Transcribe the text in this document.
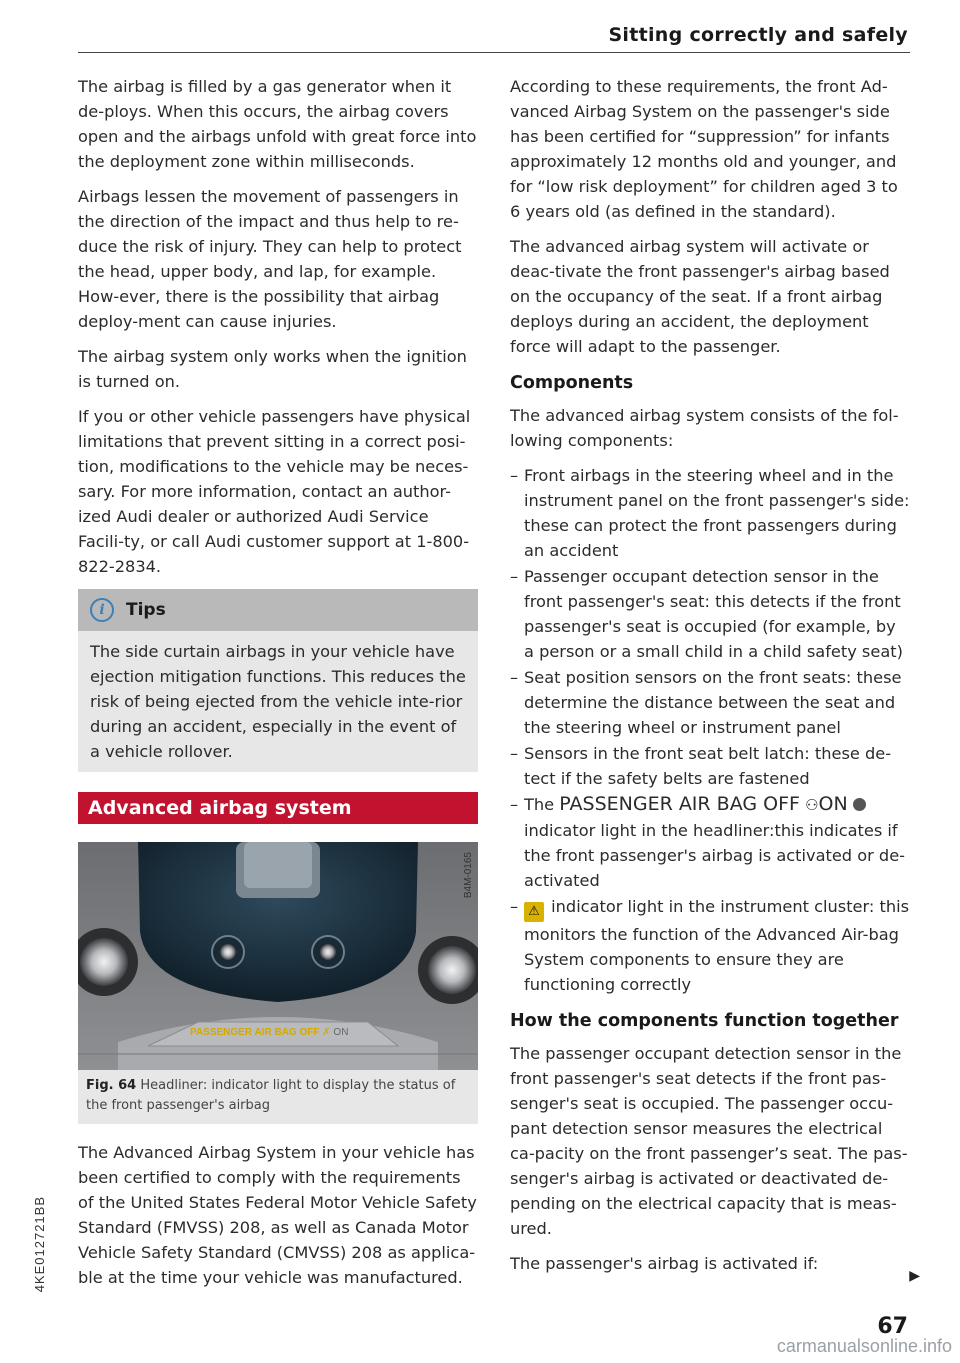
Sitting correctly and safely

The airbag is filled by a gas generator when it de-ploys. When this occurs, the airbag covers open and the airbags unfold with great force into the deployment zone within milliseconds.

Airbags lessen the movement of passengers in the direction of the impact and thus help to re-duce the risk of injury. They can help to protect the head, upper body, and lap, for example. How-ever, there is the possibility that airbag deploy-ment can cause injuries.

The airbag system only works when the ignition is turned on.

If you or other vehicle passengers have physical limitations that prevent sitting in a correct posi-tion, modifications to the vehicle may be neces-sary. For more information, contact an author-ized Audi dealer or authorized Audi Service Facili-ty, or call Audi customer support at 1-800-822-2834.

i	Tips

The side curtain airbags in your vehicle have ejection mitigation functions. This reduces the risk of being ejected from the vehicle inte-rior during an accident, especially in the event of a vehicle rollover.

Advanced airbag system
PASSENGER AIR BAG OFF ✗ ON
B4M-0165
Fig. 64 Headliner: indicator light to display the status of the front passenger's airbag

The Advanced Airbag System in your vehicle has been certified to comply with the requirements of the United States Federal Motor Vehicle Safety Standard (FMVSS) 208, as well as Canada Motor Vehicle Safety Standard (CMVSS) 208 as applica-ble at the time your vehicle was manufactured.

According to these requirements, the front Ad-vanced Airbag System on the passenger's side has been certified for “suppression” for infants approximately 12 months old and younger, and for “low risk deployment” for children aged 3 to 6 years old (as defined in the standard).

The advanced airbag system will activate or deac-tivate the front passenger's airbag based on the occupancy of the seat. If a front airbag deploys during an accident, the deployment force will adapt to the passenger.

Components

The advanced airbag system consists of the fol-lowing components:

– Front airbags in the steering wheel and in the instrument panel on the front passenger's side: these can protect the front passengers during an accident
– Passenger occupant detection sensor in the front passenger's seat: this detects if the front passenger's seat is occupied (for example, by a person or a small child in a child safety seat)
– Seat position sensors on the front seats: these determine the distance between the seat and the steering wheel or instrument panel
– Sensors in the front seat belt latch: these de-tect if the safety belts are fastened
– The PASSENGER AIR BAG OFF ⚇ON  indicator light in the headliner:this indicates if the front passenger's airbag is activated or de-activated
– ⚠ indicator light in the instrument cluster: this monitors the function of the Advanced Air-bag System components to ensure they are functioning correctly
How the components function together

The passenger occupant detection sensor in the front passenger's seat detects if the front pas-senger's seat is occupied. The passenger occu-pant detection sensor measures the electrical ca-pacity on the front passenger’s seat. The pas-senger's airbag is activated or deactivated de-pending on the electrical capacity that is meas-ured.

The passenger's airbag is activated if:

▶
67
4KE012721BB
carmanualsonline.info
